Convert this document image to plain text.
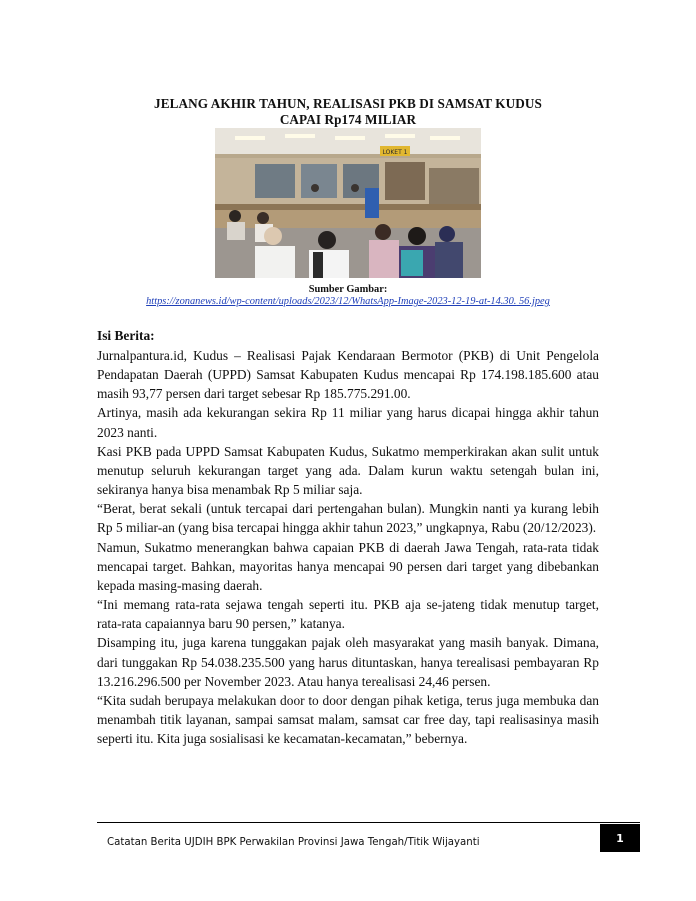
JELANG AKHIR TAHUN, REALISASI PKB DI SAMSAT KUDUS
CAPAI Rp174 MILIAR
LOKET 1
Sumber Gambar:
https://zonanews.id/wp-content/uploads/2023/12/WhatsApp-Image-2023-12-19-at-14.30. 56.jpeg
Isi Berita:

Jurnalpantura.id, Kudus – Realisasi Pajak Kendaraan Bermotor (PKB) di Unit Pengelola Pendapatan Daerah (UPPD) Samsat Kabupaten Kudus mencapai Rp 174.198.185.600 atau masih 93,77 persen dari target sebesar Rp 185.775.291.00.

Artinya, masih ada kekurangan sekira Rp 11 miliar yang harus dicapai hingga akhir tahun 2023 nanti.

Kasi PKB pada UPPD Samsat Kabupaten Kudus, Sukatmo memperkirakan akan sulit untuk menutup seluruh kekurangan target yang ada. Dalam kurun waktu setengah bulan ini, sekiranya hanya bisa menambak Rp 5 miliar saja.

“Berat, berat sekali (untuk tercapai dari pertengahan bulan). Mungkin nanti ya kurang lebih Rp 5 miliar-an (yang bisa tercapai hingga akhir tahun 2023,” ungkapnya, Rabu (20/12/2023).

Namun, Sukatmo menerangkan bahwa capaian PKB di daerah Jawa Tengah, rata-rata tidak mencapai target. Bahkan, mayoritas hanya mencapai 90 persen dari target yang dibebankan kepada masing-masing daerah.

“Ini memang rata-rata sejawa tengah seperti itu. PKB aja se-jateng tidak menutup target, rata-rata capaiannya baru 90 persen,” katanya.

Disamping itu, juga karena tunggakan pajak oleh masyarakat yang masih banyak. Dimana, dari tunggakan Rp 54.038.235.500 yang harus dituntaskan, hanya terealisasi pembayaran Rp 13.216.296.500 per November 2023. Atau hanya terealisasi 24,46 persen.

“Kita sudah berupaya melakukan door to door dengan pihak ketiga, terus juga membuka dan menambah titik layanan, sampai samsat malam, samsat car free day, tapi realisasinya masih seperti itu. Kita juga sosialisasi ke kecamatan-kecamatan,” bebernya.

Catatan Berita UJDIH BPK Perwakilan Provinsi Jawa Tengah/Titik Wijayanti	1
